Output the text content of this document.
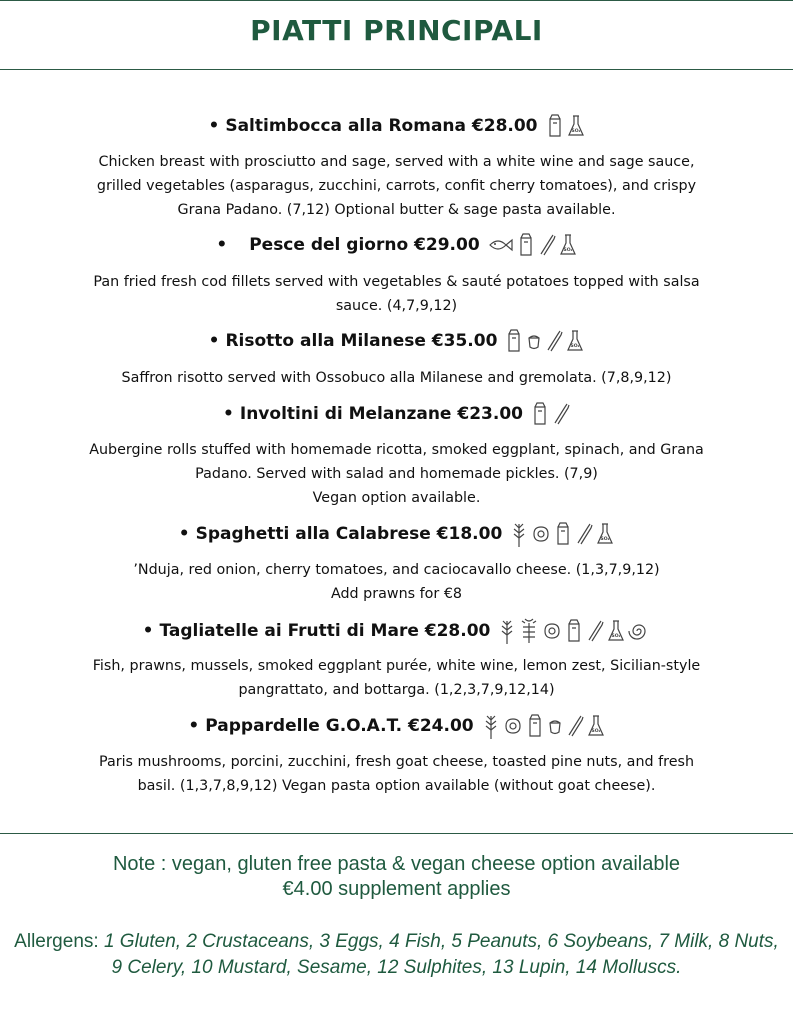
PIATTI PRINCIPALI
• Saltimbocca alla Romana €28.00	SO₂
Chicken breast with prosciutto and sage, served with a white wine and sage sauce,
grilled vegetables (asparagus, zucchini, carrots, confit cherry tomatoes), and crispy
Grana Padano. (7,12) Optional butter & sage pasta available.
• Pesce del giorno €29.00	SO₂
Pan fried fresh cod fillets served with vegetables & sauté potatoes topped with salsa
sauce. (4,7,9,12)
• Risotto alla Milanese €35.00	SO₂
Saffron risotto served with Ossobuco alla Milanese and gremolata. (7,8,9,12)
• Involtini di Melanzane €23.00
Aubergine rolls stuffed with homemade ricotta, smoked eggplant, spinach, and Grana
Padano. Served with salad and homemade pickles. (7,9)
Vegan option available.
• Spaghetti alla Calabrese €18.00	SO₂
’Nduja, red onion, cherry tomatoes, and caciocavallo cheese. (1,3,7,9,12)
Add prawns for €8
• Tagliatelle ai Frutti di Mare €28.00	SO₂
Fish, prawns, mussels, smoked eggplant purée, white wine, lemon zest, Sicilian-style
pangrattato, and bottarga. (1,2,3,7,9,12,14)
• Pappardelle G.O.A.T. €24.00	SO₂
Paris mushrooms, porcini, zucchini, fresh goat cheese, toasted pine nuts, and fresh
basil. (1,3,7,8,9,12) Vegan pasta option available (without goat cheese).
Note : vegan, gluten free pasta & vegan cheese option available
€4.00 supplement applies
Allergens: 1 Gluten, 2 Crustaceans, 3 Eggs, 4 Fish, 5 Peanuts, 6 Soybeans, 7 Milk, 8 Nuts,
9 Celery, 10 Mustard, Sesame, 12 Sulphites, 13 Lupin, 14 Molluscs.
